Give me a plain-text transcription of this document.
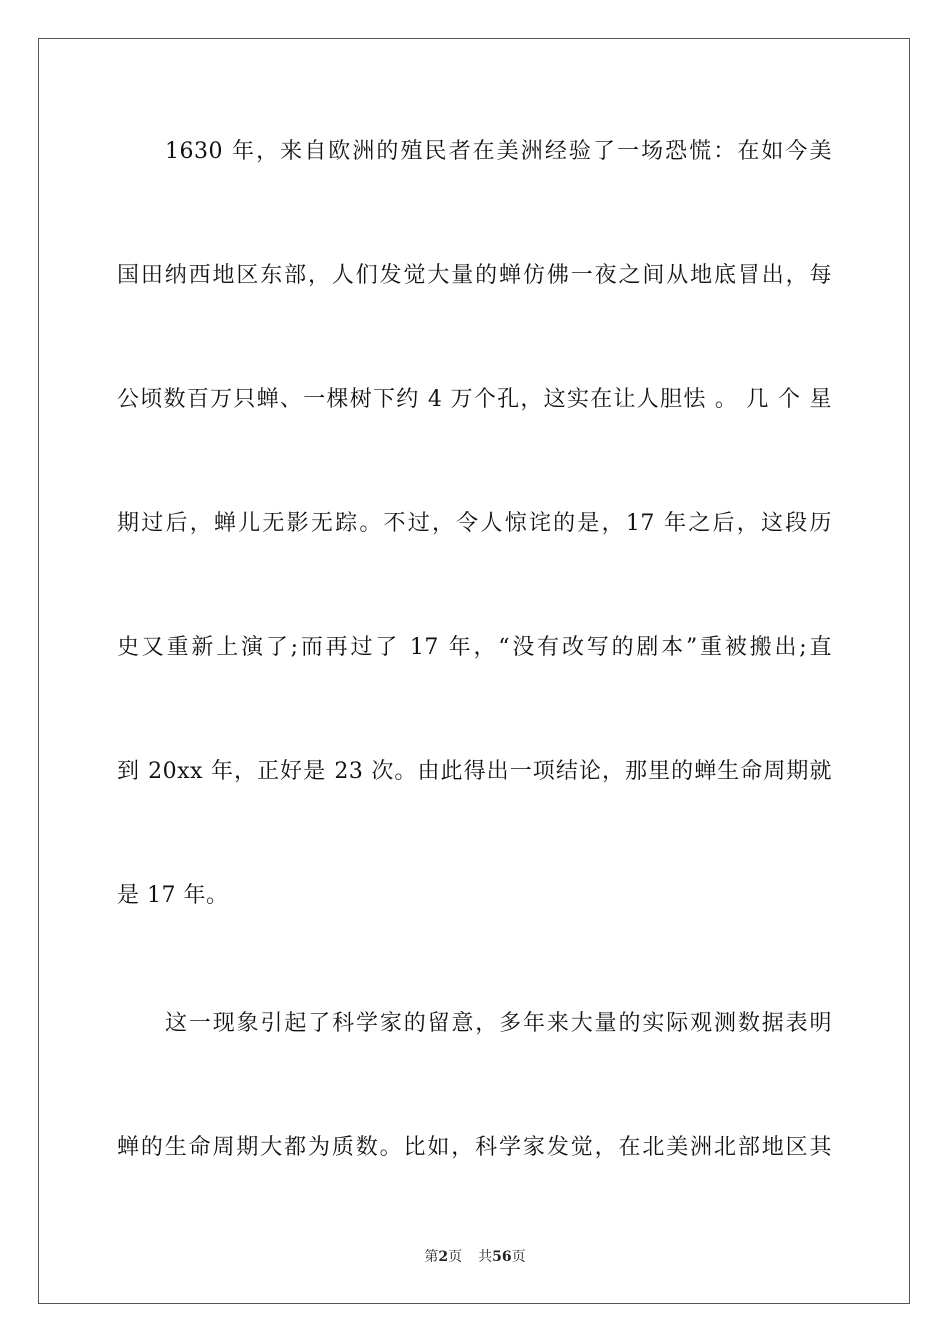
1630 年，来自欧洲的殖民者在美洲经验了一场恐慌：在如今美
国田纳西地区东部，人们发觉大量的蝉仿佛一夜之间从地底冒出，每
公顷数百万只蝉、一棵树下约 4 万个孔，这实在让人胆怯 。 几 个 星
期过后，蝉儿无影无踪。不过，令人惊诧的是，17 年之后，这段历
史又重新上演了;而再过了 17 年，“没有改写的剧本”重被搬出;直
到 20xx 年，正好是 23 次。由此得出一项结论，那里的蝉生命周期就
是 17 年。
这一现象引起了科学家的留意，多年来大量的实际观测数据表明
蝉的生命周期大都为质数。比如，科学家发觉，在北美洲北部地区其
第2页 共56页
